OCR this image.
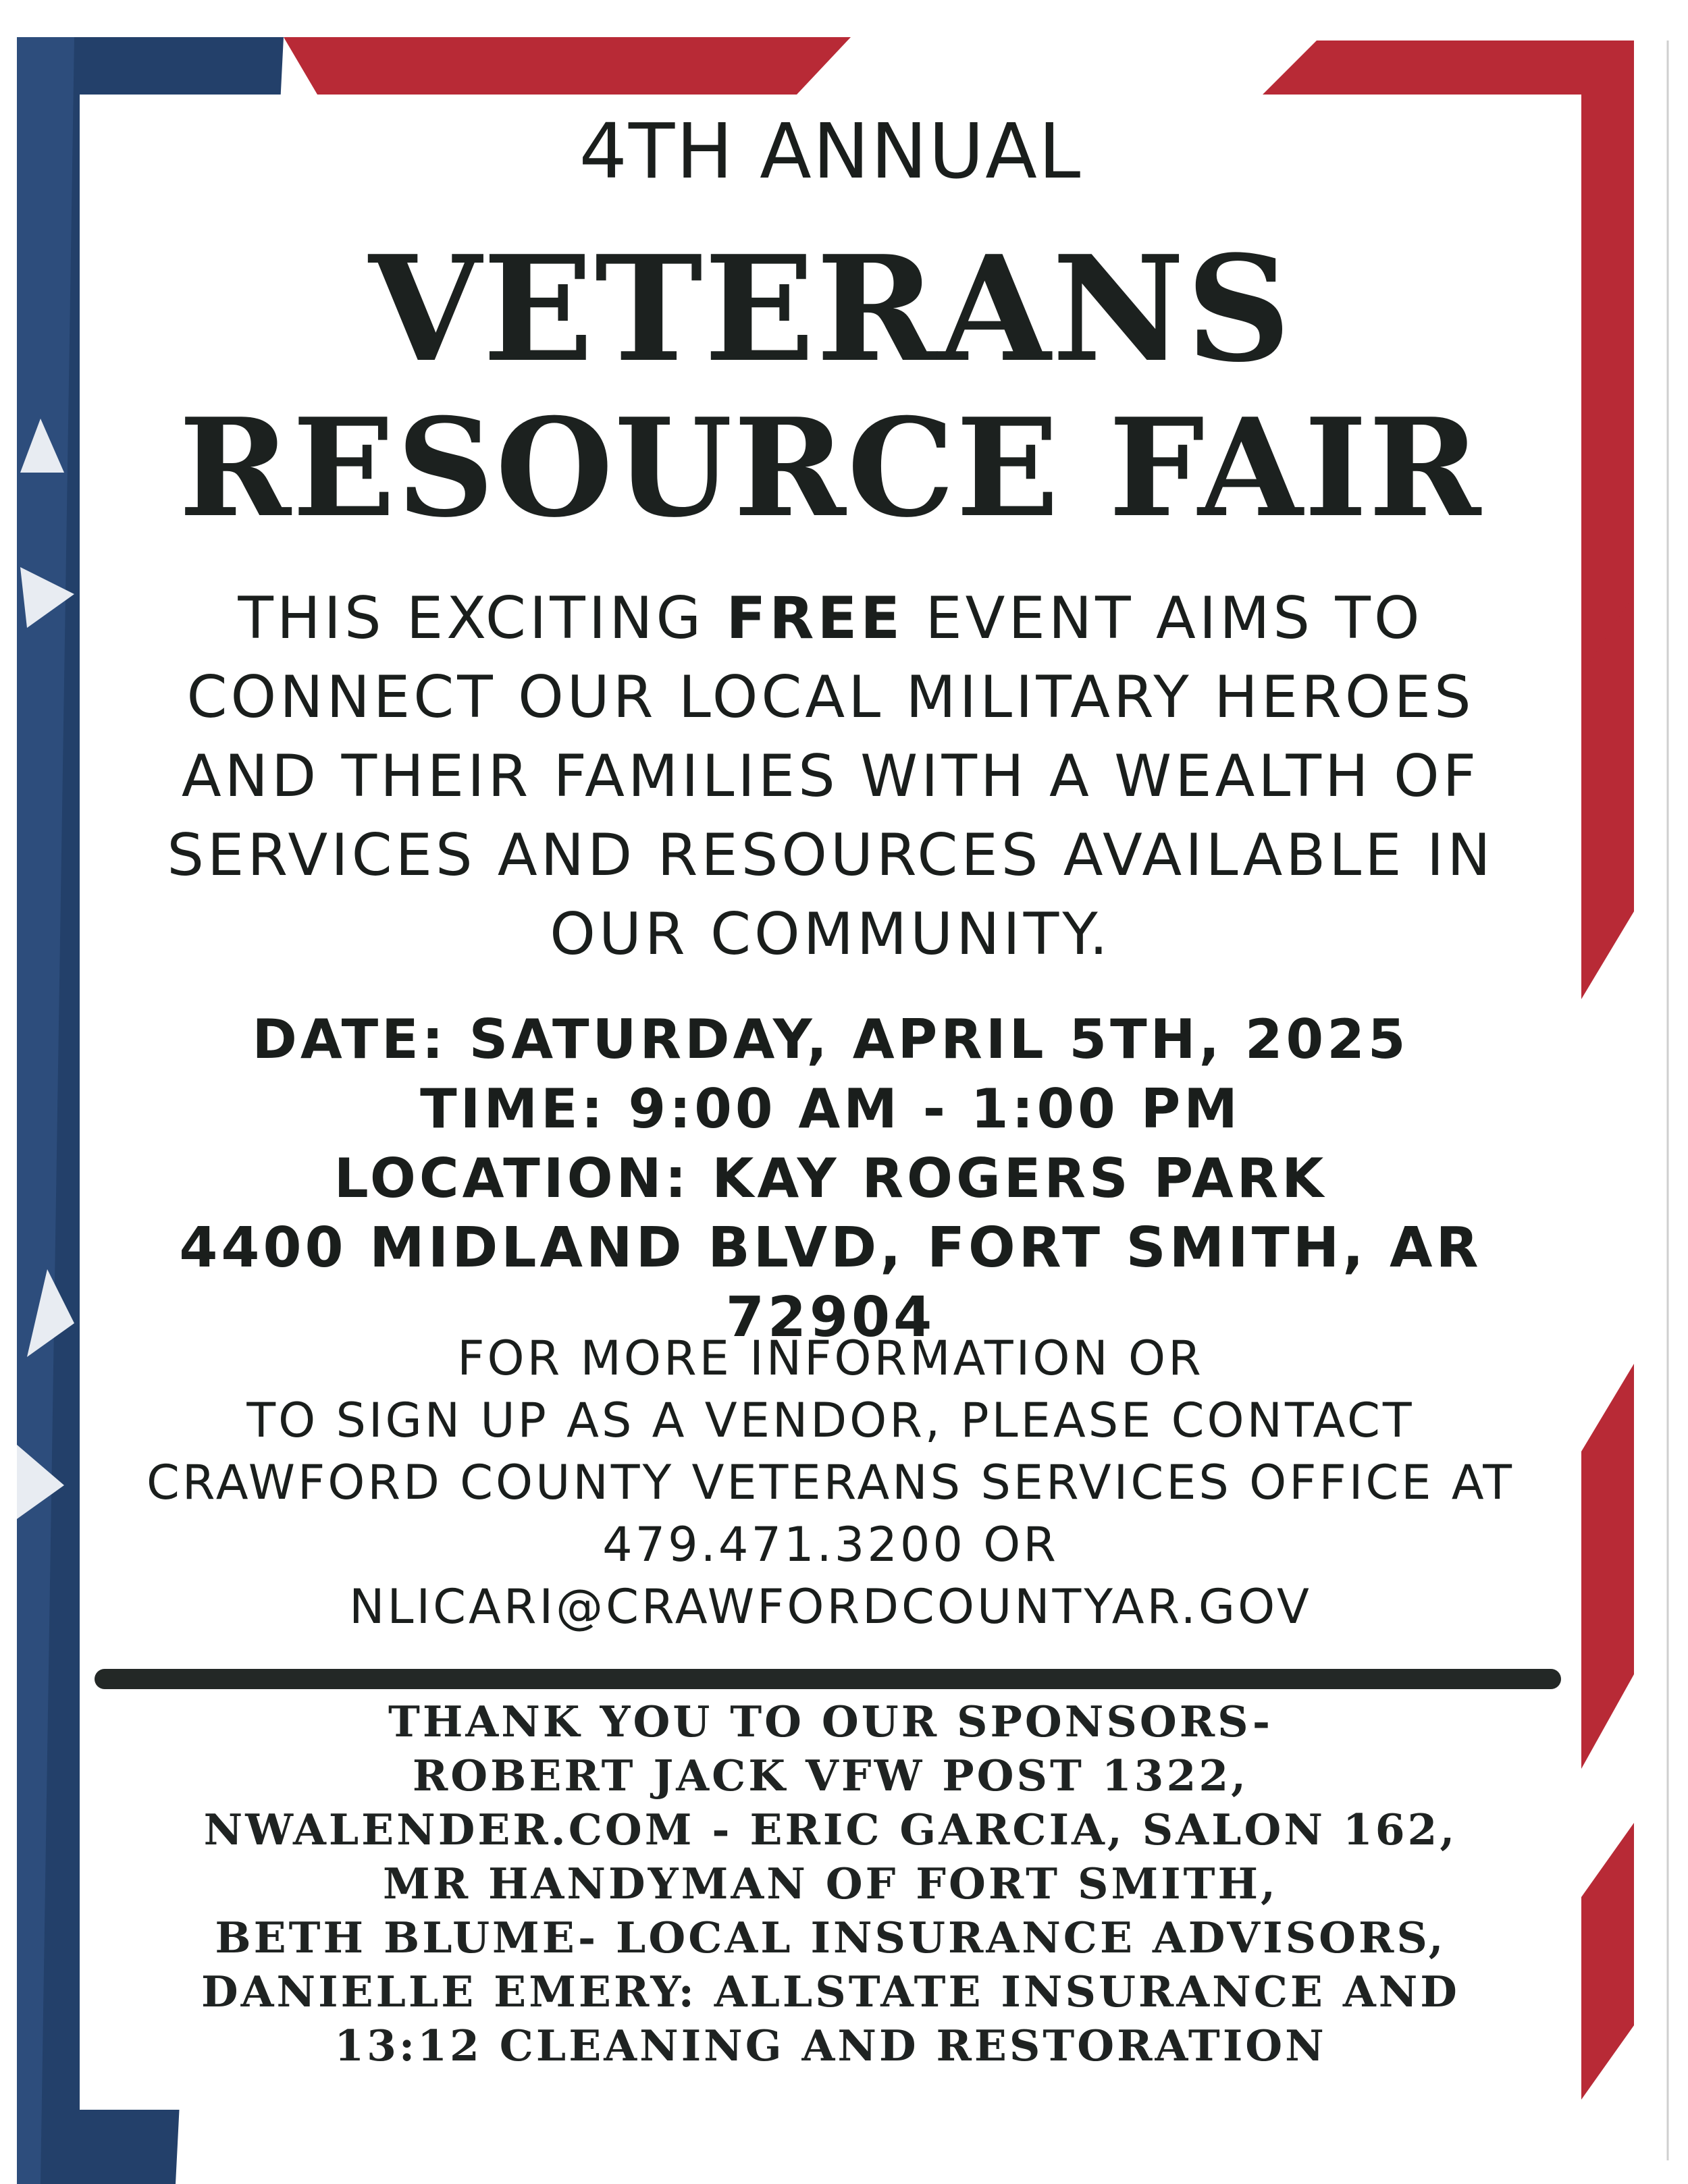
4TH ANNUAL
VETERANS
RESOURCE FAIR
THIS EXCITING FREE EVENT AIMS TO
CONNECT OUR LOCAL MILITARY HEROES
AND THEIR FAMILIES WITH A WEALTH OF
SERVICES AND RESOURCES AVAILABLE IN
OUR COMMUNITY.
DATE: SATURDAY, APRIL 5TH, 2025
TIME: 9:00 AM - 1:00 PM
LOCATION: KAY ROGERS PARK
4400 MIDLAND BLVD, FORT SMITH, AR 72904
FOR MORE INFORMATION OR
TO SIGN UP AS A VENDOR, PLEASE CONTACT
CRAWFORD COUNTY VETERANS SERVICES OFFICE AT
479.471.3200 OR
NLICARI@CRAWFORDCOUNTYAR.GOV
THANK YOU TO OUR SPONSORS-
ROBERT JACK VFW POST 1322,
NWALENDER.COM - ERIC GARCIA, SALON 162,
MR HANDYMAN OF FORT SMITH,
BETH BLUME- LOCAL INSURANCE ADVISORS,
DANIELLE EMERY: ALLSTATE INSURANCE AND
13:12 CLEANING AND RESTORATION
